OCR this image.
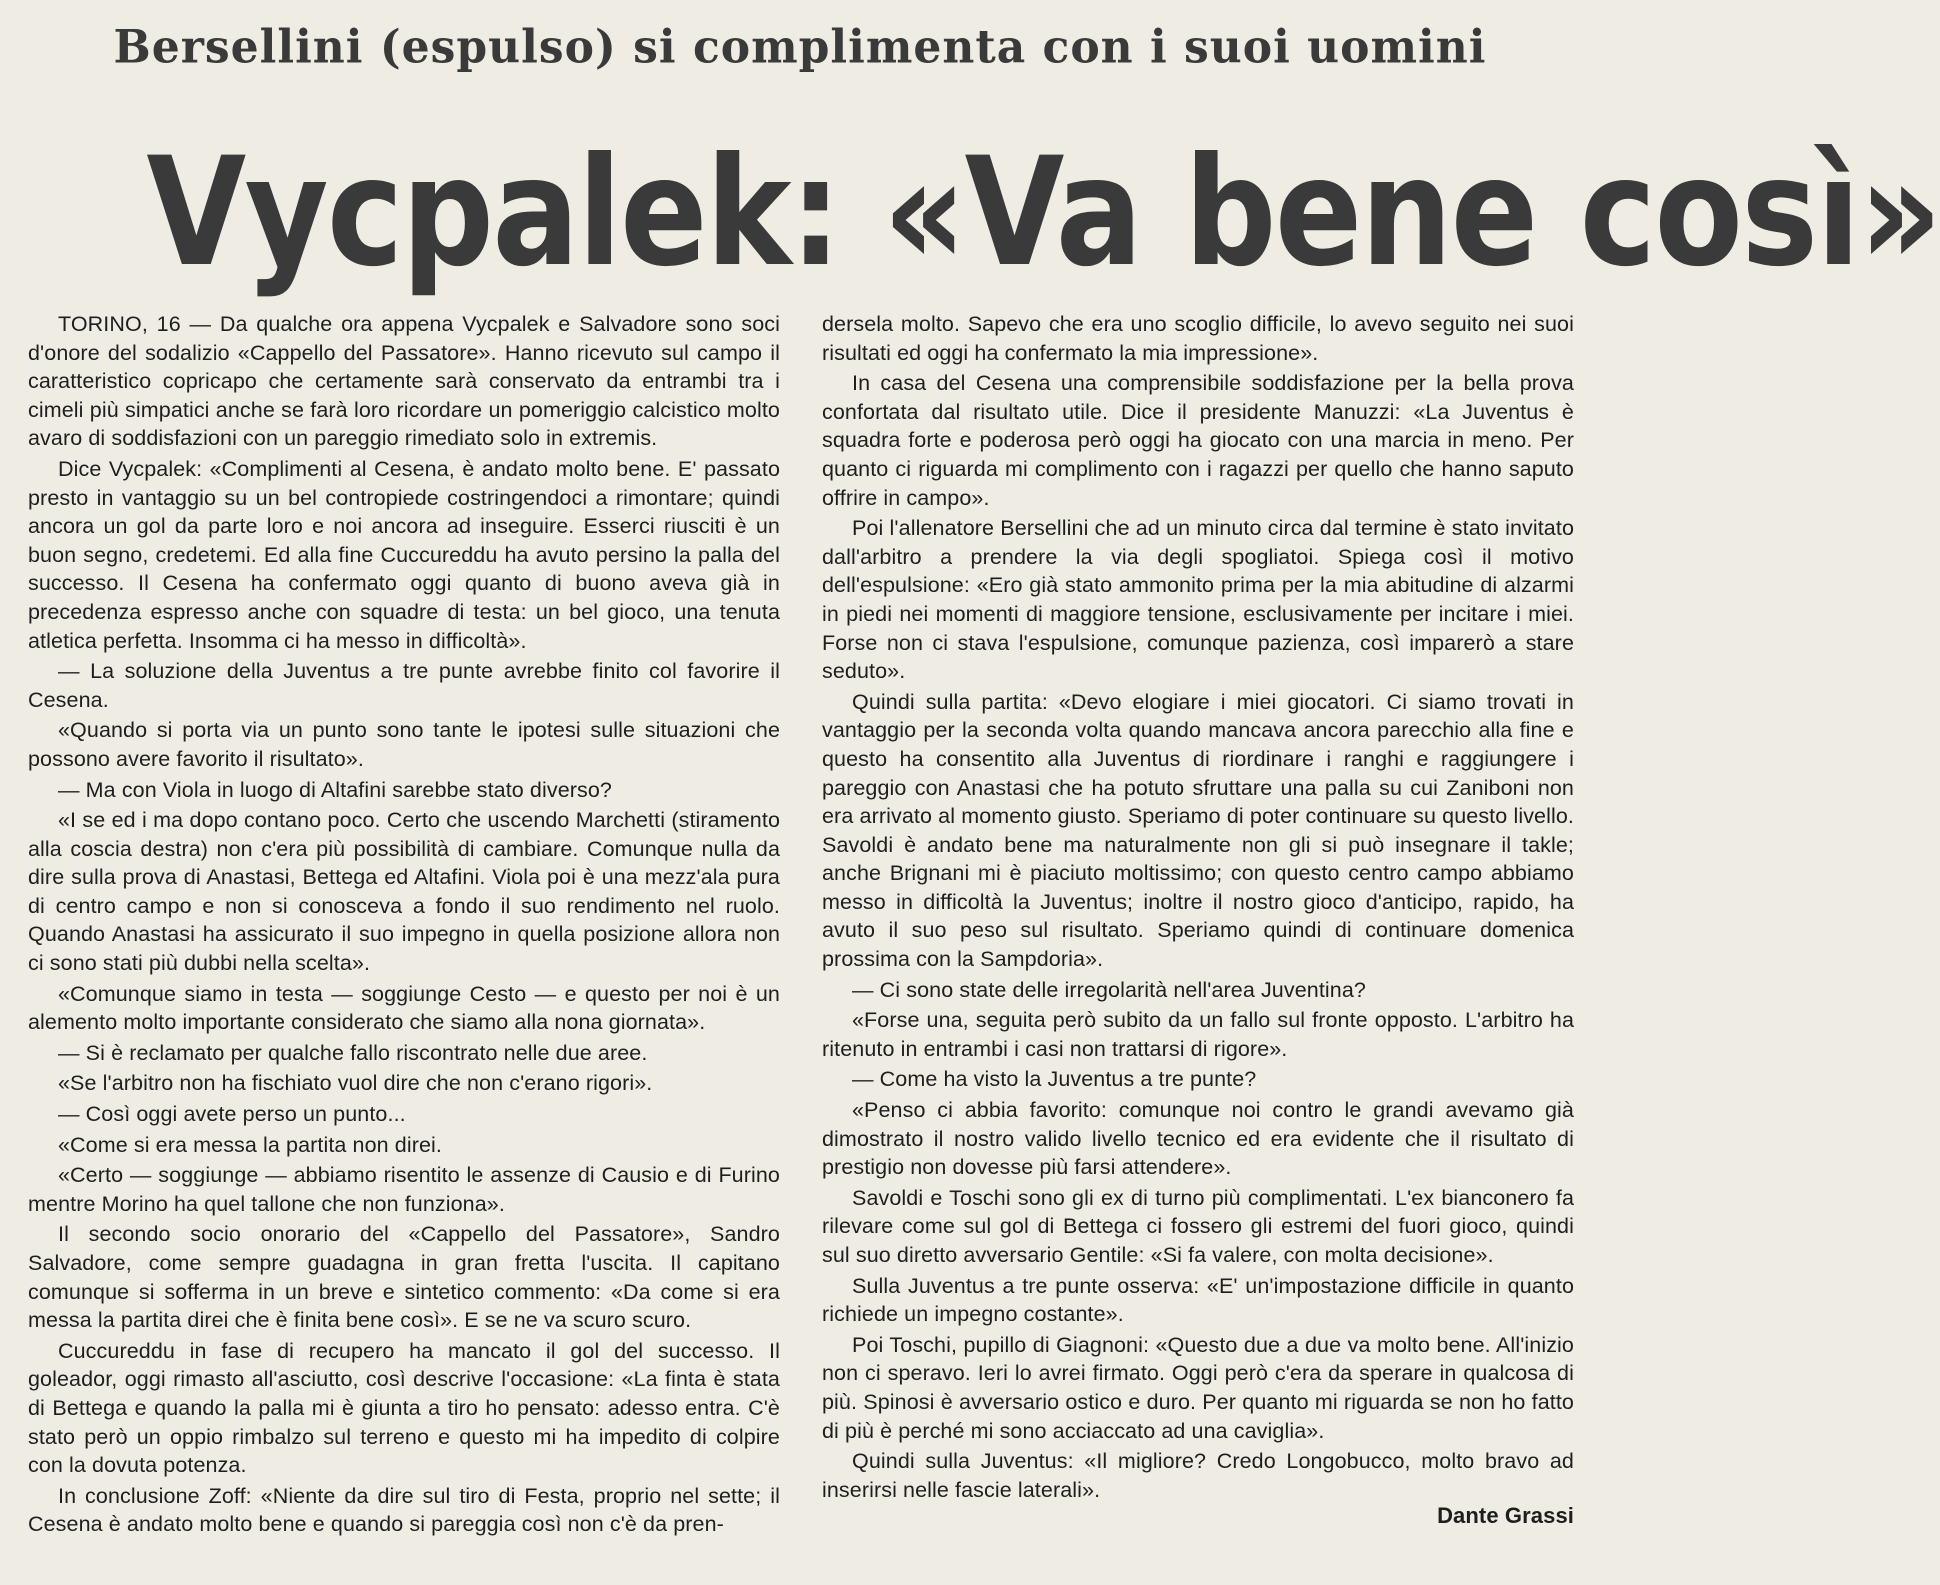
Bersellini (espulso) si complimenta con i suoi uomini
Vycpalek: «Va bene così»

TORINO, 16 — Da qualche ora appena Vycpalek e Salvadore sono soci d'onore del sodalizio «Cappello del Passatore». Hanno ricevuto sul campo il caratteristico copricapo che certamente sarà conservato da entrambi tra i cimeli più simpatici anche se farà loro ricordare un pomeriggio calcistico molto avaro di soddisfazioni con un pareggio rimediato solo in extremis.

Dice Vycpalek: «Complimenti al Cesena, è andato molto bene. E' passato presto in vantaggio su un bel contropiede costringendoci a rimontare; quindi ancora un gol da parte loro e noi ancora ad inseguire. Esserci riusciti è un buon segno, credetemi. Ed alla fine Cuccureddu ha avuto persino la palla del successo. Il Cesena ha confermato oggi quanto di buono aveva già in precedenza espresso anche con squadre di testa: un bel gioco, una tenuta atletica perfetta. Insomma ci ha messo in difficoltà».

— La soluzione della Juventus a tre punte avrebbe finito col favorire il Cesena.

«Quando si porta via un punto sono tante le ipotesi sulle situazioni che possono avere favorito il risultato».

— Ma con Viola in luogo di Altafini sarebbe stato diverso?

«I se ed i ma dopo contano poco. Certo che uscendo Marchetti (stiramento alla coscia destra) non c'era più possibilità di cambiare. Comunque nulla da dire sulla prova di Anastasi, Bettega ed Altafini. Viola poi è una mezz'ala pura di centro campo e non si conosceva a fondo il suo rendimento nel ruolo. Quando Anastasi ha assicurato il suo impegno in quella posizione allora non ci sono stati più dubbi nella scelta».

«Comunque siamo in testa — soggiunge Cesto — e questo per noi è un alemento molto importante considerato che siamo alla nona giornata».

— Si è reclamato per qualche fallo riscontrato nelle due aree.

«Se l'arbitro non ha fischiato vuol dire che non c'erano rigori».

— Così oggi avete perso un punto...

«Come si era messa la partita non direi.

«Certo — soggiunge — abbiamo risentito le assenze di Causio e di Furino mentre Morino ha quel tallone che non funziona».

Il secondo socio onorario del «Cappello del Passatore», Sandro Salvadore, come sempre guadagna in gran fretta l'uscita. Il capitano comunque si sofferma in un breve e sintetico commento: «Da come si era messa la partita direi che è finita bene così». E se ne va scuro scuro.

Cuccureddu in fase di recupero ha mancato il gol del successo. Il goleador, oggi rimasto all'asciutto, così descrive l'occasione: «La finta è stata di Bettega e quando la palla mi è giunta a tiro ho pensato: adesso entra. C'è stato però un oppio rimbalzo sul terreno e questo mi ha impedito di colpire con la dovuta potenza.

In conclusione Zoff: «Niente da dire sul tiro di Festa, proprio nel sette; il Cesena è andato molto bene e quando si pareggia così non c'è da pren-

dersela molto. Sapevo che era uno scoglio difficile, lo avevo seguito nei suoi risultati ed oggi ha confermato la mia impressione».

In casa del Cesena una comprensibile soddisfazione per la bella prova confortata dal risultato utile. Dice il presidente Manuzzi: «La Juventus è squadra forte e poderosa però oggi ha giocato con una marcia in meno. Per quanto ci riguarda mi complimento con i ragazzi per quello che hanno saputo offrire in campo».

Poi l'allenatore Bersellini che ad un minuto circa dal termine è stato invitato dall'arbitro a prendere la via degli spogliatoi. Spiega così il motivo dell'espulsione: «Ero già stato ammonito prima per la mia abitudine di alzarmi in piedi nei momenti di maggiore tensione, esclusivamente per incitare i miei. Forse non ci stava l'espulsione, comunque pazienza, così imparerò a stare seduto».

Quindi sulla partita: «Devo elogiare i miei giocatori. Ci siamo trovati in vantaggio per la seconda volta quando mancava ancora parecchio alla fine e questo ha consentito alla Juventus di riordinare i ranghi e raggiungere i pareggio con Anastasi che ha potuto sfruttare una palla su cui Zaniboni non era arrivato al momento giusto. Speriamo di poter continuare su questo livello. Savoldi è andato bene ma naturalmente non gli si può insegnare il takle; anche Brignani mi è piaciuto moltissimo; con questo centro campo abbiamo messo in difficoltà la Juventus; inoltre il nostro gioco d'anticipo, rapido, ha avuto il suo peso sul risultato. Speriamo quindi di continuare domenica prossima con la Sampdoria».

— Ci sono state delle irregolarità nell'area Juventina?

«Forse una, seguita però subito da un fallo sul fronte opposto. L'arbitro ha ritenuto in entrambi i casi non trattarsi di rigore».

— Come ha visto la Juventus a tre punte?

«Penso ci abbia favorito: comunque noi contro le grandi avevamo già dimostrato il nostro valido livello tecnico ed era evidente che il risultato di prestigio non dovesse più farsi attendere».

Savoldi e Toschi sono gli ex di turno più complimentati. L'ex bianconero fa rilevare come sul gol di Bettega ci fossero gli estremi del fuori gioco, quindi sul suo diretto avversario Gentile: «Si fa valere, con molta decisione».

Sulla Juventus a tre punte osserva: «E' un'impostazione difficile in quanto richiede un impegno costante».

Poi Toschi, pupillo di Giagnoni: «Questo due a due va molto bene. All'inizio non ci speravo. Ieri lo avrei firmato. Oggi però c'era da sperare in qualcosa di più. Spinosi è avversario ostico e duro. Per quanto mi riguarda se non ho fatto di più è perché mi sono acciaccato ad una caviglia».

Quindi sulla Juventus: «Il migliore? Credo Longobucco, molto bravo ad inserirsi nelle fascie laterali».

Dante Grassi
